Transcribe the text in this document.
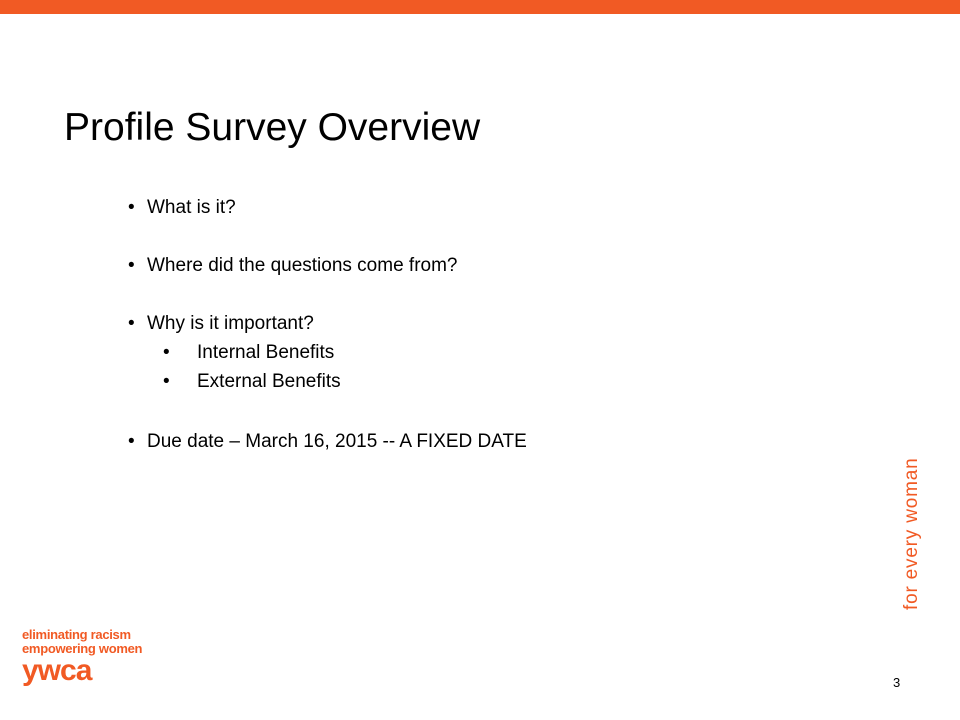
Profile Survey Overview
• What is it?
• Where did the questions come from?
• Why is it important?
• Internal Benefits
• External Benefits
• Due date – March 16, 2015 -- A FIXED DATE
for every woman
eliminating racism
empowering women
ywca	3
